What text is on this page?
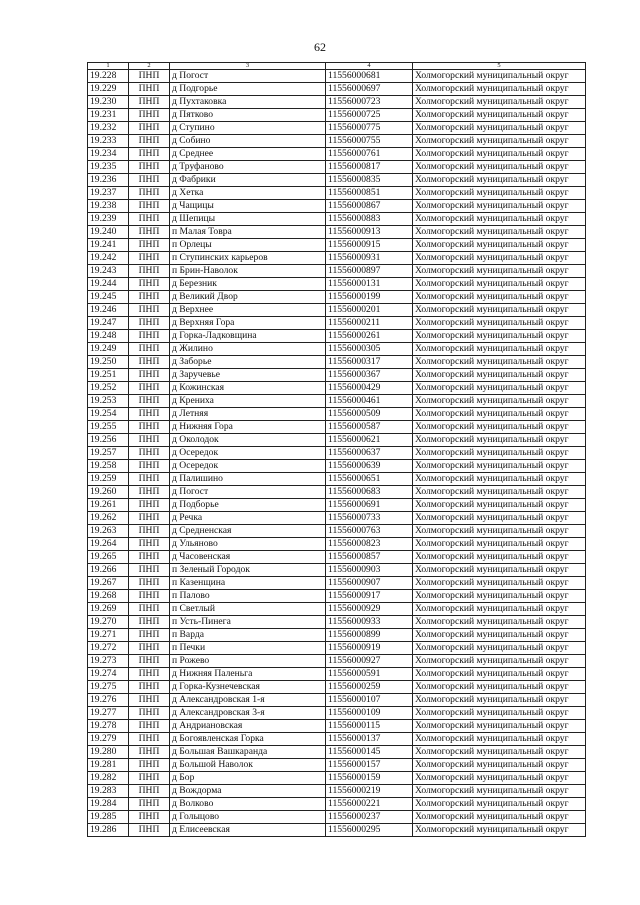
62
1	2	3	4	5
19.228	ПНП	д Погост	11556000681	Холмогорский муниципальный округ
19.229	ПНП	д Подгорье	11556000697	Холмогорский муниципальный округ
19.230	ПНП	д Пухтаковка	11556000723	Холмогорский муниципальный округ
19.231	ПНП	д Пятково	11556000725	Холмогорский муниципальный округ
19.232	ПНП	д Ступино	11556000775	Холмогорский муниципальный округ
19.233	ПНП	д Собино	11556000755	Холмогорский муниципальный округ
19.234	ПНП	д Среднее	11556000761	Холмогорский муниципальный округ
19.235	ПНП	д Труфаново	11556000817	Холмогорский муниципальный округ
19.236	ПНП	д Фабрики	11556000835	Холмогорский муниципальный округ
19.237	ПНП	д Хетка	11556000851	Холмогорский муниципальный округ
19.238	ПНП	д Чащицы	11556000867	Холмогорский муниципальный округ
19.239	ПНП	д Шепицы	11556000883	Холмогорский муниципальный округ
19.240	ПНП	п Малая Товра	11556000913	Холмогорский муниципальный округ
19.241	ПНП	п Орлецы	11556000915	Холмогорский муниципальный округ
19.242	ПНП	п Ступинских карьеров	11556000931	Холмогорский муниципальный округ
19.243	ПНП	п Брин-Наволок	11556000897	Холмогорский муниципальный округ
19.244	ПНП	д Березник	11556000131	Холмогорский муниципальный округ
19.245	ПНП	д Великий Двор	11556000199	Холмогорский муниципальный округ
19.246	ПНП	д Верхнее	11556000201	Холмогорский муниципальный округ
19.247	ПНП	д Верхняя Гора	11556000211	Холмогорский муниципальный округ
19.248	ПНП	д Горка-Ладковщина	11556000261	Холмогорский муниципальный округ
19.249	ПНП	д Жилино	11556000305	Холмогорский муниципальный округ
19.250	ПНП	д Заборье	11556000317	Холмогорский муниципальный округ
19.251	ПНП	д Заручевье	11556000367	Холмогорский муниципальный округ
19.252	ПНП	д Кожинская	11556000429	Холмогорский муниципальный округ
19.253	ПНП	д Крениха	11556000461	Холмогорский муниципальный округ
19.254	ПНП	д Летняя	11556000509	Холмогорский муниципальный округ
19.255	ПНП	д Нижняя Гора	11556000587	Холмогорский муниципальный округ
19.256	ПНП	д Околодок	11556000621	Холмогорский муниципальный округ
19.257	ПНП	д Осередок	11556000637	Холмогорский муниципальный округ
19.258	ПНП	д Осередок	11556000639	Холмогорский муниципальный округ
19.259	ПНП	д Палишино	11556000651	Холмогорский муниципальный округ
19.260	ПНП	д Погост	11556000683	Холмогорский муниципальный округ
19.261	ПНП	д Подборье	11556000691	Холмогорский муниципальный округ
19.262	ПНП	д Речка	11556000733	Холмогорский муниципальный округ
19.263	ПНП	д Средненская	11556000763	Холмогорский муниципальный округ
19.264	ПНП	д Ульяново	11556000823	Холмогорский муниципальный округ
19.265	ПНП	д Часовенская	11556000857	Холмогорский муниципальный округ
19.266	ПНП	п Зеленый Городок	11556000903	Холмогорский муниципальный округ
19.267	ПНП	п Казенщина	11556000907	Холмогорский муниципальный округ
19.268	ПНП	п Палово	11556000917	Холмогорский муниципальный округ
19.269	ПНП	п Светлый	11556000929	Холмогорский муниципальный округ
19.270	ПНП	п Усть-Пинега	11556000933	Холмогорский муниципальный округ
19.271	ПНП	п Варда	11556000899	Холмогорский муниципальный округ
19.272	ПНП	п Печки	11556000919	Холмогорский муниципальный округ
19.273	ПНП	п Рожево	11556000927	Холмогорский муниципальный округ
19.274	ПНП	д Нижняя Паленьга	11556000591	Холмогорский муниципальный округ
19.275	ПНП	д Горка-Кузнечевская	11556000259	Холмогорский муниципальный округ
19.276	ПНП	д Александровская 1-я	11556000107	Холмогорский муниципальный округ
19.277	ПНП	д Александровская 3-я	11556000109	Холмогорский муниципальный округ
19.278	ПНП	д Андриановская	11556000115	Холмогорский муниципальный округ
19.279	ПНП	д Богоявленская Горка	11556000137	Холмогорский муниципальный округ
19.280	ПНП	д Большая Вашкаранда	11556000145	Холмогорский муниципальный округ
19.281	ПНП	д Большой Наволок	11556000157	Холмогорский муниципальный округ
19.282	ПНП	д Бор	11556000159	Холмогорский муниципальный округ
19.283	ПНП	д Вождорма	11556000219	Холмогорский муниципальный округ
19.284	ПНП	д Волково	11556000221	Холмогорский муниципальный округ
19.285	ПНП	д Голыцово	11556000237	Холмогорский муниципальный округ
19.286	ПНП	д Елисеевская	11556000295	Холмогорский муниципальный округ
